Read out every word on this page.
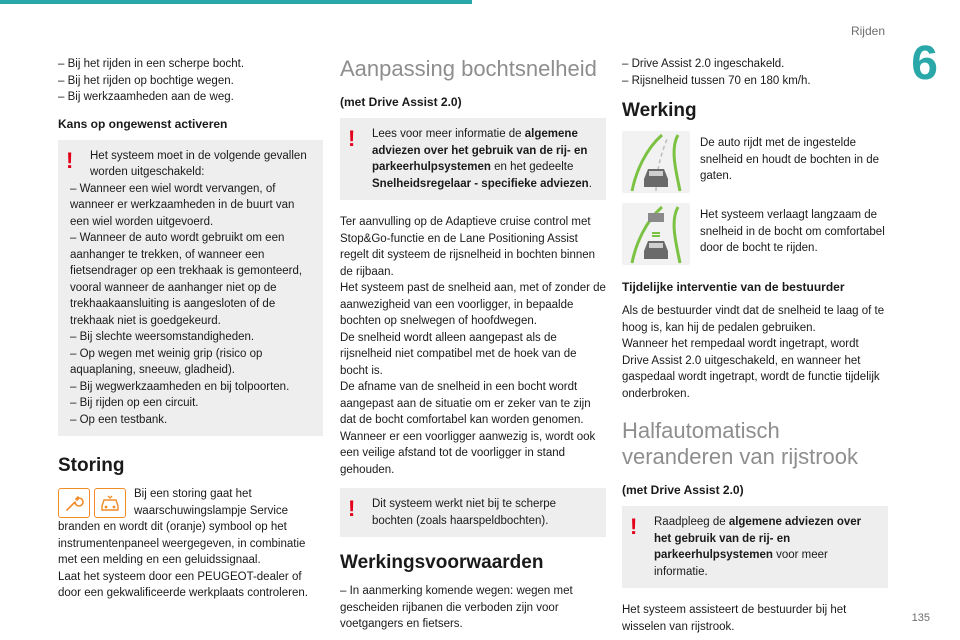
Rijden
6
135
– Bij het rijden in een scherpe bocht.
– Bij het rijden op bochtige wegen.
– Bij werkzaamheden aan de weg.
Kans op ongewenst activeren
!	Het systeem moet in de volgende gevallen worden uitgeschakeld:
– Wanneer een wiel wordt vervangen, of wanneer er werkzaamheden in de buurt van een wiel worden uitgevoerd.
– Wanneer de auto wordt gebruikt om een aanhanger te trekken, of wanneer een fietsendrager op een trekhaak is gemonteerd, vooral wanneer de aanhanger niet op de trekhaakaansluiting is aangesloten of de trekhaak niet is goedgekeurd.
– Bij slechte weersomstandigheden.
– Op wegen met weinig grip (risico op aquaplaning, sneeuw, gladheid).
– Bij wegwerkzaamheden en bij tolpoorten.
– Bij rijden op een circuit.
– Op een testbank.
Storing
Bij een storing gaat het waarschuwingslampje Service branden en wordt dit (oranje) symbool op het instrumentenpaneel weergegeven, in combinatie met een melding en een geluidssignaal.
Laat het systeem door een PEUGEOT-dealer of door een gekwalificeerde werkplaats controleren.
Aanpassing bochtsnelheid
(met Drive Assist 2.0)
!	Lees voor meer informatie de algemene adviezen over het gebruik van de rij- en parkeerhulpsystemen en het gedeelte Snelheidsregelaar - specifieke adviezen.
Ter aanvulling op de Adaptieve cruise control met Stop&Go-functie en de Lane Positioning Assist regelt dit systeem de rijsnelheid in bochten binnen de rijbaan.
Het systeem past de snelheid aan, met of zonder de aanwezigheid van een voorligger, in bepaalde bochten op snelwegen of hoofdwegen.
De snelheid wordt alleen aangepast als de rijsnelheid niet compatibel met de hoek van de bocht is.
De afname van de snelheid in een bocht wordt aangepast aan de situatie om er zeker van te zijn dat de bocht comfortabel kan worden genomen.
Wanneer er een voorligger aanwezig is, wordt ook een veilige afstand tot de voorligger in stand gehouden.
!	Dit systeem werkt niet bij te scherpe bochten (zoals haarspeldbochten).
Werkingsvoorwaarden
– In aanmerking komende wegen: wegen met gescheiden rijbanen die verboden zijn voor voetgangers en fietsers.
– Drive Assist 2.0 ingeschakeld.
– Rijsnelheid tussen 70 en 180 km/h.
Werking
De auto rijdt met de ingestelde snelheid en houdt de bochten in de gaten.
Het systeem verlaagt langzaam de snelheid in de bocht om comfortabel door de bocht te rijden.
Tijdelijke interventie van de bestuurder
Als de bestuurder vindt dat de snelheid te laag of te hoog is, kan hij de pedalen gebruiken.
Wanneer het rempedaal wordt ingetrapt, wordt Drive Assist 2.0 uitgeschakeld, en wanneer het gaspedaal wordt ingetrapt, wordt de functie tijdelijk onderbroken.
Halfautomatisch veranderen van rijstrook
(met Drive Assist 2.0)
!	Raadpleeg de algemene adviezen over het gebruik van de rij- en parkeerhulpsystemen voor meer informatie.
Het systeem assisteert de bestuurder bij het wisselen van rijstrook.
